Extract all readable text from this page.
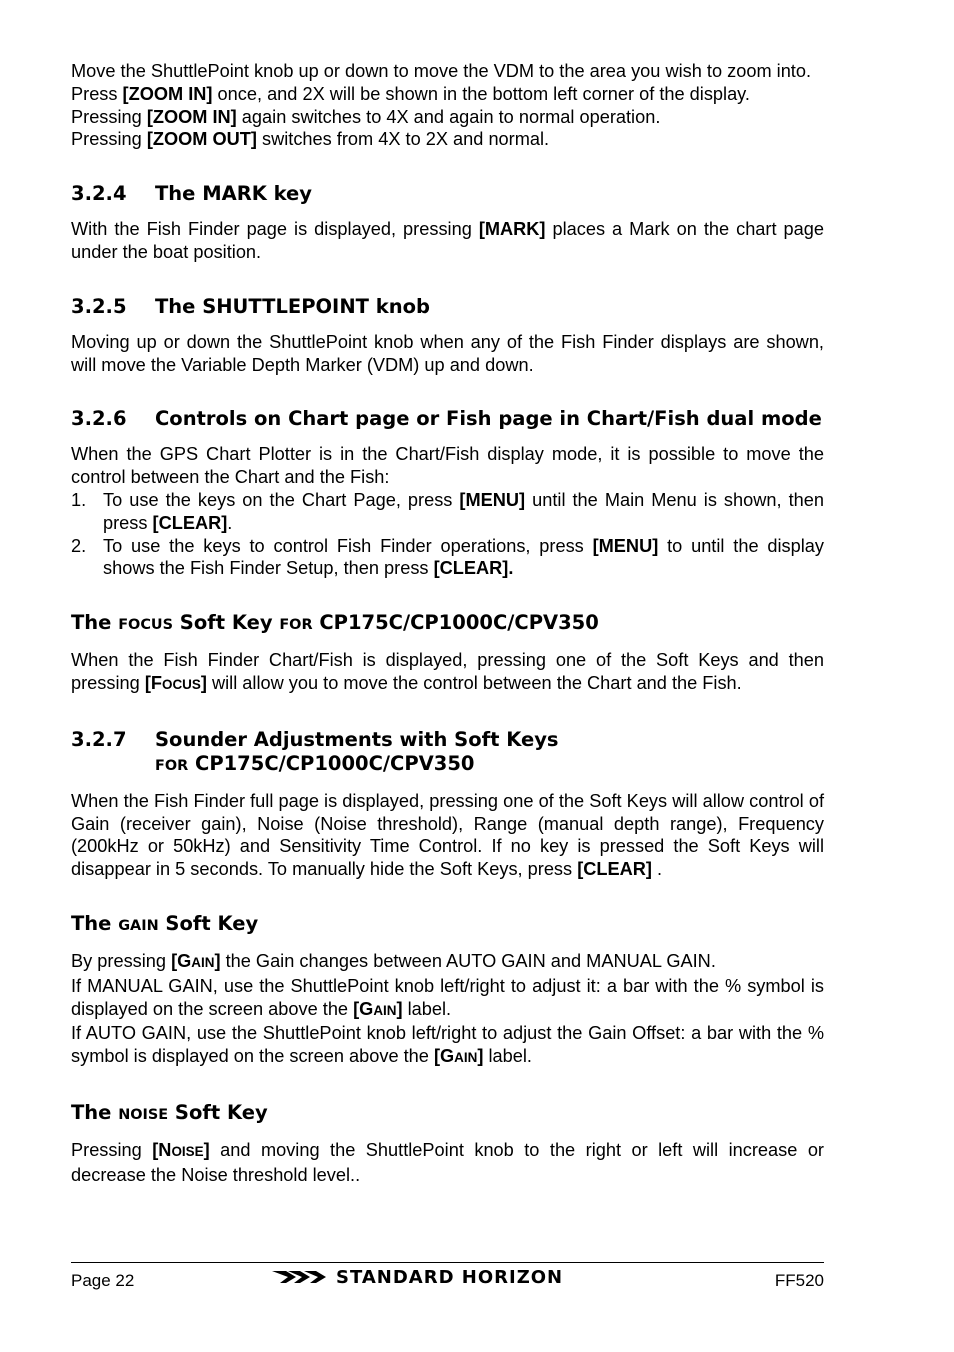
Move the ShuttlePoint knob up or down to move the VDM to the area you wish to zoom into.

Press [ZOOM IN] once, and 2X will be shown in the bottom left corner of the display.

Pressing [ZOOM IN] again switches to 4X and again to normal operation.

Pressing [ZOOM OUT] switches from 4X to 2X and normal.

3.2.4 The MARK key

With the Fish Finder page is displayed, pressing [MARK] places a Mark on the chart page under the boat position.

3.2.5 The SHUTTLEPOINT knob

Moving up or down the ShuttlePoint knob when any of the Fish Finder displays are shown, will move the Variable Depth Marker (VDM) up and down.

3.2.6 Controls on Chart page or Fish page in Chart/Fish dual mode

When the GPS Chart Plotter is in the Chart/Fish display mode, it is possible to move the control between the Chart and the Fish:

1. To use the keys on the Chart Page, press [MENU] until the Main Menu is shown, then press [CLEAR].
2. To use the keys to control Fish Finder operations, press [MENU] to until the display shows the Fish Finder Setup, then press [CLEAR].
The FOCUS Soft Key FOR CP175C/CP1000C/CPV350

When the Fish Finder Chart/Fish is displayed, pressing one of the Soft Keys and then pressing [FOCUS] will allow you to move the control between the Chart and the Fish.

3.2.7 Sounder Adjustments with Soft Keys
FOR CP175C/CP1000C/CPV350

When the Fish Finder full page is displayed, pressing one of the Soft Keys will allow control of Gain (receiver gain), Noise (Noise threshold), Range (manual depth range), Frequency (200kHz or 50kHz) and Sensitivity Time Control. If no key is pressed the Soft Keys will disappear in 5 seconds. To manually hide the Soft Keys, press [CLEAR] .

The GAIN Soft Key

By pressing [GAIN] the Gain changes between AUTO GAIN and MANUAL GAIN.

If MANUAL GAIN, use the ShuttlePoint knob left/right to adjust it: a bar with the % symbol is displayed on the screen above the [GAIN] label.

If AUTO GAIN, use the ShuttlePoint knob left/right to adjust the Gain Offset: a bar with the % symbol is displayed on the screen above the [GAIN] label.

The NOISE Soft Key

Pressing [NOISE] and moving the ShuttlePoint knob to the right or left will increase or decrease the Noise threshold level..

Page 22	STANDARD HORIZON	FF520
